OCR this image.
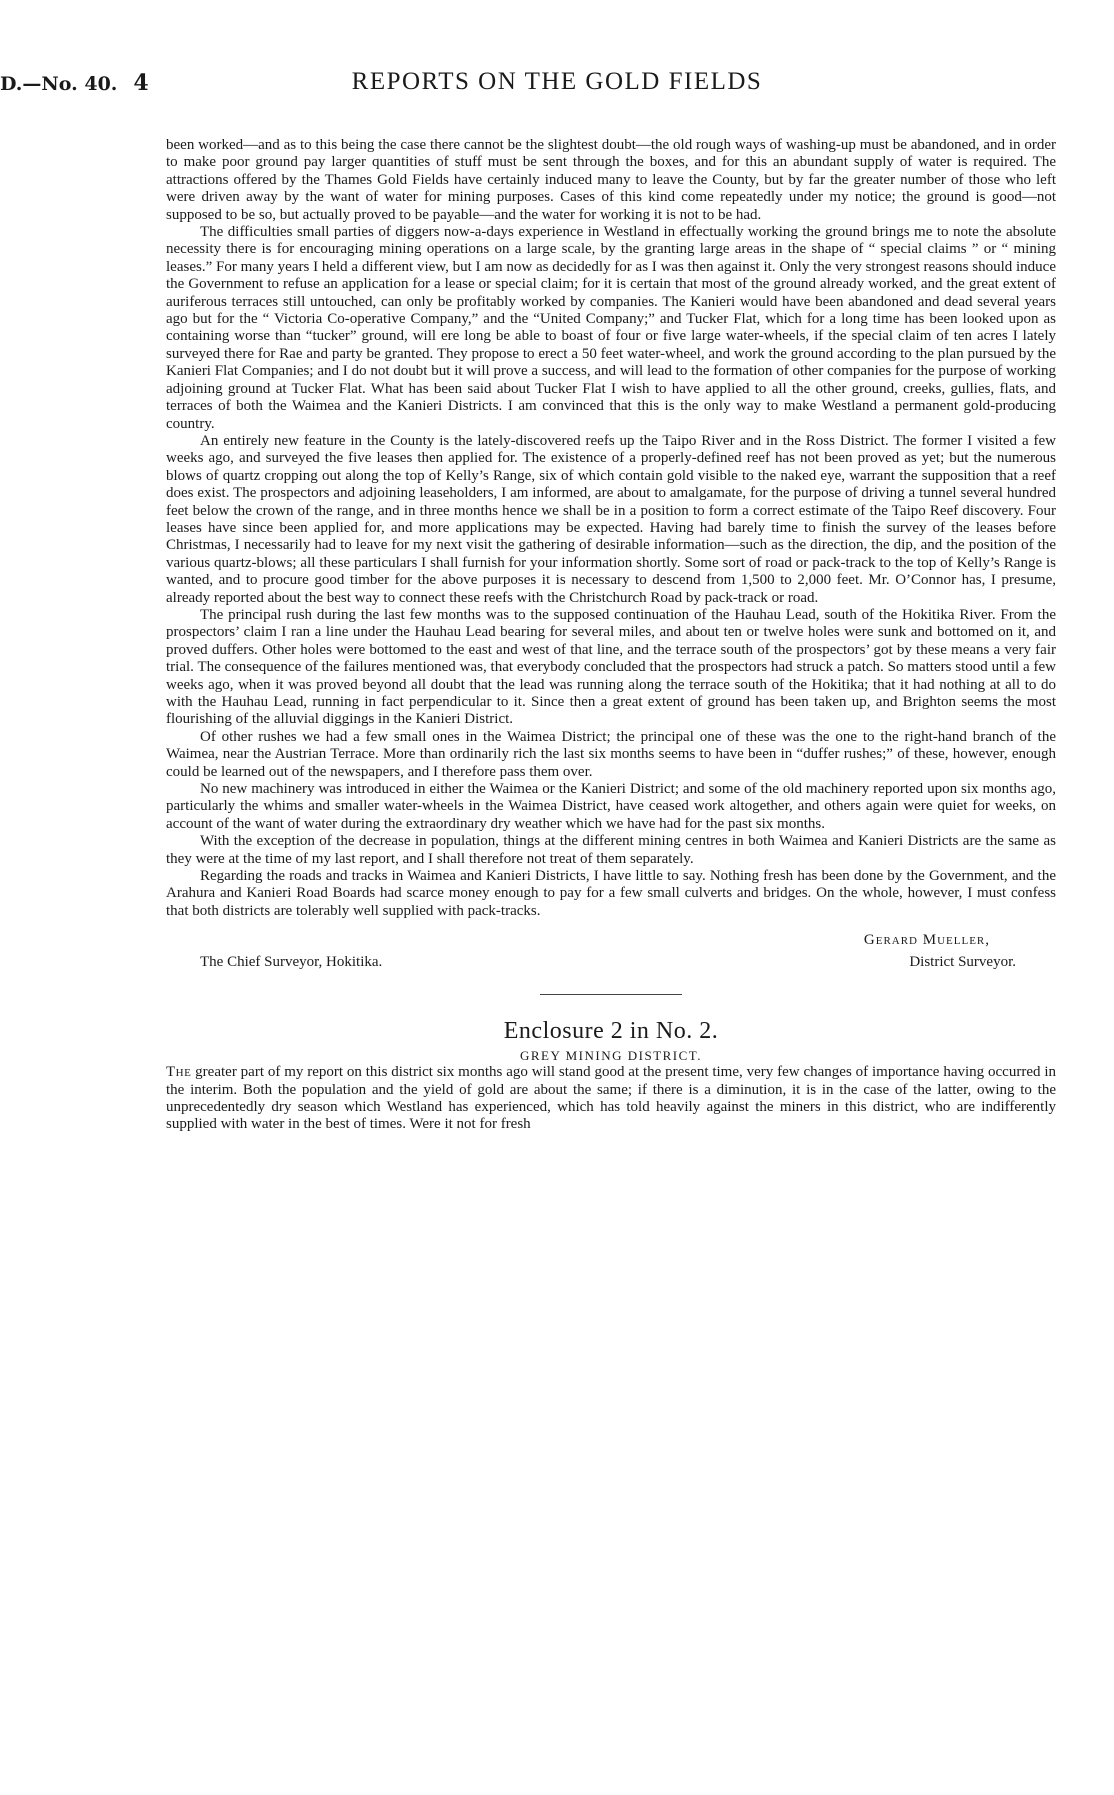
D.—No. 40. 4	REPORTS ON THE GOLD FIELDS

been worked—and as to this being the case there cannot be the slightest doubt—the old rough ways of washing-up must be abandoned, and in order to make poor ground pay larger quantities of stuff must be sent through the boxes, and for this an abundant supply of water is required. The attractions offered by the Thames Gold Fields have certainly induced many to leave the County, but by far the greater number of those who left were driven away by the want of water for mining purposes. Cases of this kind come repeatedly under my notice; the ground is good—not supposed to be so, but actually proved to be payable—and the water for working it is not to be had.

The difficulties small parties of diggers now-a-days experience in Westland in effectually working the ground brings me to note the absolute necessity there is for encouraging mining operations on a large scale, by the granting large areas in the shape of “ special claims ” or “ mining leases.” For many years I held a different view, but I am now as decidedly for as I was then against it. Only the very strongest reasons should induce the Government to refuse an application for a lease or special claim; for it is certain that most of the ground already worked, and the great extent of auriferous terraces still untouched, can only be profitably worked by companies. The Kanieri would have been abandoned and dead several years ago but for the “ Victoria Co-operative Company,” and the “United Company;” and Tucker Flat, which for a long time has been looked upon as containing worse than “tucker” ground, will ere long be able to boast of four or five large water-wheels, if the special claim of ten acres I lately surveyed there for Rae and party be granted. They propose to erect a 50 feet water-wheel, and work the ground according to the plan pursued by the Kanieri Flat Companies; and I do not doubt but it will prove a success, and will lead to the formation of other companies for the purpose of working adjoining ground at Tucker Flat. What has been said about Tucker Flat I wish to have applied to all the other ground, creeks, gullies, flats, and terraces of both the Waimea and the Kanieri Districts. I am convinced that this is the only way to make Westland a permanent gold-producing country.

An entirely new feature in the County is the lately-discovered reefs up the Taipo River and in the Ross District. The former I visited a few weeks ago, and surveyed the five leases then applied for. The existence of a properly-defined reef has not been proved as yet; but the numerous blows of quartz cropping out along the top of Kelly’s Range, six of which contain gold visible to the naked eye, warrant the supposition that a reef does exist. The prospectors and adjoining leaseholders, I am informed, are about to amalgamate, for the purpose of driving a tunnel several hundred feet below the crown of the range, and in three months hence we shall be in a position to form a correct estimate of the Taipo Reef discovery. Four leases have since been applied for, and more applications may be expected. Having had barely time to finish the survey of the leases before Christmas, I necessarily had to leave for my next visit the gathering of desirable information—such as the direction, the dip, and the position of the various quartz-blows; all these particulars I shall furnish for your information shortly. Some sort of road or pack-track to the top of Kelly’s Range is wanted, and to procure good timber for the above purposes it is necessary to descend from 1,500 to 2,000 feet. Mr. O’Connor has, I presume, already reported about the best way to connect these reefs with the Christchurch Road by pack-track or road.

The principal rush during the last few months was to the supposed continuation of the Hauhau Lead, south of the Hokitika River. From the prospectors’ claim I ran a line under the Hauhau Lead bearing for several miles, and about ten or twelve holes were sunk and bottomed on it, and proved duffers. Other holes were bottomed to the east and west of that line, and the terrace south of the prospectors’ got by these means a very fair trial. The consequence of the failures mentioned was, that everybody concluded that the prospectors had struck a patch. So matters stood until a few weeks ago, when it was proved beyond all doubt that the lead was running along the terrace south of the Hokitika; that it had nothing at all to do with the Hauhau Lead, running in fact perpendicular to it. Since then a great extent of ground has been taken up, and Brighton seems the most flourishing of the alluvial diggings in the Kanieri District.

Of other rushes we had a few small ones in the Waimea District; the principal one of these was the one to the right-hand branch of the Waimea, near the Austrian Terrace. More than ordinarily rich the last six months seems to have been in “duffer rushes;” of these, however, enough could be learned out of the newspapers, and I therefore pass them over.

No new machinery was introduced in either the Waimea or the Kanieri District; and some of the old machinery reported upon six months ago, particularly the whims and smaller water-wheels in the Waimea District, have ceased work altogether, and others again were quiet for weeks, on account of the want of water during the extraordinary dry weather which we have had for the past six months.

With the exception of the decrease in population, things at the different mining centres in both Waimea and Kanieri Districts are the same as they were at the time of my last report, and I shall therefore not treat of them separately.

Regarding the roads and tracks in Waimea and Kanieri Districts, I have little to say. Nothing fresh has been done by the Government, and the Arahura and Kanieri Road Boards had scarce money enough to pay for a few small culverts and bridges. On the whole, however, I must confess that both districts are tolerably well supplied with pack-tracks.

Gerard Mueller,
The Chief Surveyor, Hokitika.	District Surveyor.
Enclosure 2 in No. 2.
GREY MINING DISTRICT.

The greater part of my report on this district six months ago will stand good at the present time, very few changes of importance having occurred in the interim. Both the population and the yield of gold are about the same; if there is a diminution, it is in the case of the latter, owing to the unprecedentedly dry season which Westland has experienced, which has told heavily against the miners in this district, who are indifferently supplied with water in the best of times. Were it not for fresh
